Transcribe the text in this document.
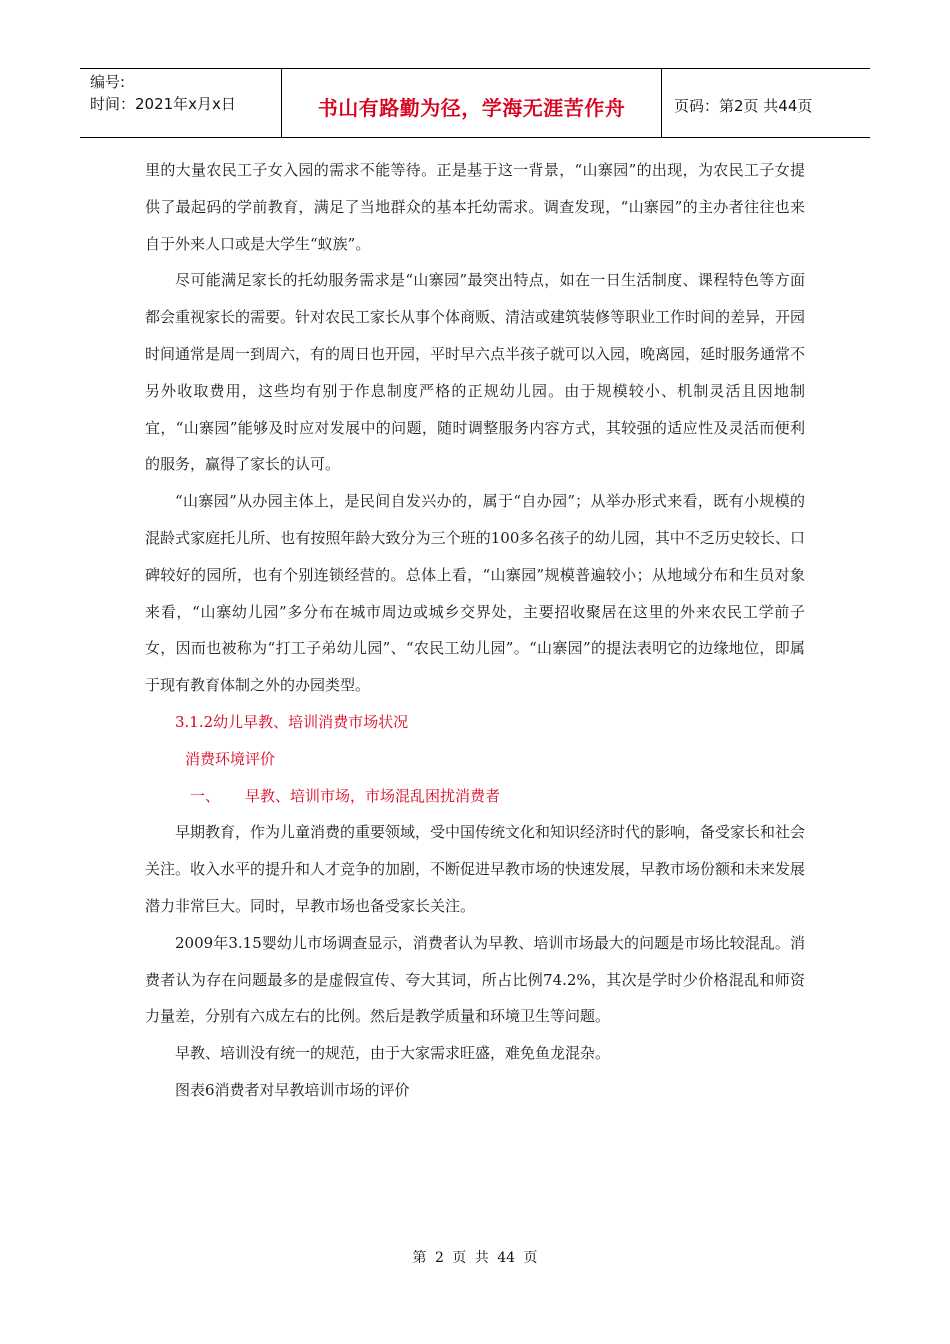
编号:
时间：2021年x月x日	书山有路勤为径，学海无涯苦作舟	页码：第2页 共44页

里的大量农民工子女入园的需求不能等待。正是基于这一背景，“山寨园”的出现，为农民工子女提供了最起码的学前教育，满足了当地群众的基本托幼需求。调查发现，“山寨园”的主办者往往也来自于外来人口或是大学生“蚁族”。

尽可能满足家长的托幼服务需求是“山寨园”最突出特点，如在一日生活制度、课程特色等方面都会重视家长的需要。针对农民工家长从事个体商贩、清洁或建筑装修等职业工作时间的差异，开园时间通常是周一到周六，有的周日也开园，平时早六点半孩子就可以入园，晚离园，延时服务通常不另外收取费用，这些均有别于作息制度严格的正规幼儿园。由于规模较小、机制灵活且因地制宜，“山寨园”能够及时应对发展中的问题，随时调整服务内容方式，其较强的适应性及灵活而便利的服务，赢得了家长的认可。

“山寨园”从办园主体上，是民间自发兴办的，属于“自办园”；从举办形式来看，既有小规模的混龄式家庭托儿所、也有按照年龄大致分为三个班的100多名孩子的幼儿园，其中不乏历史较长、口碑较好的园所，也有个别连锁经营的。总体上看，“山寨园”规模普遍较小；从地域分布和生员对象来看，“山寨幼儿园”多分布在城市周边或城乡交界处，主要招收聚居在这里的外来农民工学前子女，因而也被称为“打工子弟幼儿园”、“农民工幼儿园”。“山寨园”的提法表明它的边缘地位，即属于现有教育体制之外的办园类型。

3.1.2幼儿早教、培训消费市场状况

消费环境评价

一、 早教、培训市场，市场混乱困扰消费者

早期教育，作为儿童消费的重要领域，受中国传统文化和知识经济时代的影响，备受家长和社会关注。收入水平的提升和人才竞争的加剧，不断促进早教市场的快速发展，早教市场份额和未来发展潜力非常巨大。同时，早教市场也备受家长关注。

2009年3.15婴幼儿市场调查显示，消费者认为早教、培训市场最大的问题是市场比较混乱。消费者认为存在问题最多的是虚假宣传、夸大其词，所占比例74.2%，其次是学时少价格混乱和师资力量差，分别有六成左右的比例。然后是教学质量和环境卫生等问题。

早教、培训没有统一的规范，由于大家需求旺盛，难免鱼龙混杂。

图表6消费者对早教培训市场的评价

第 2 页 共 44 页
